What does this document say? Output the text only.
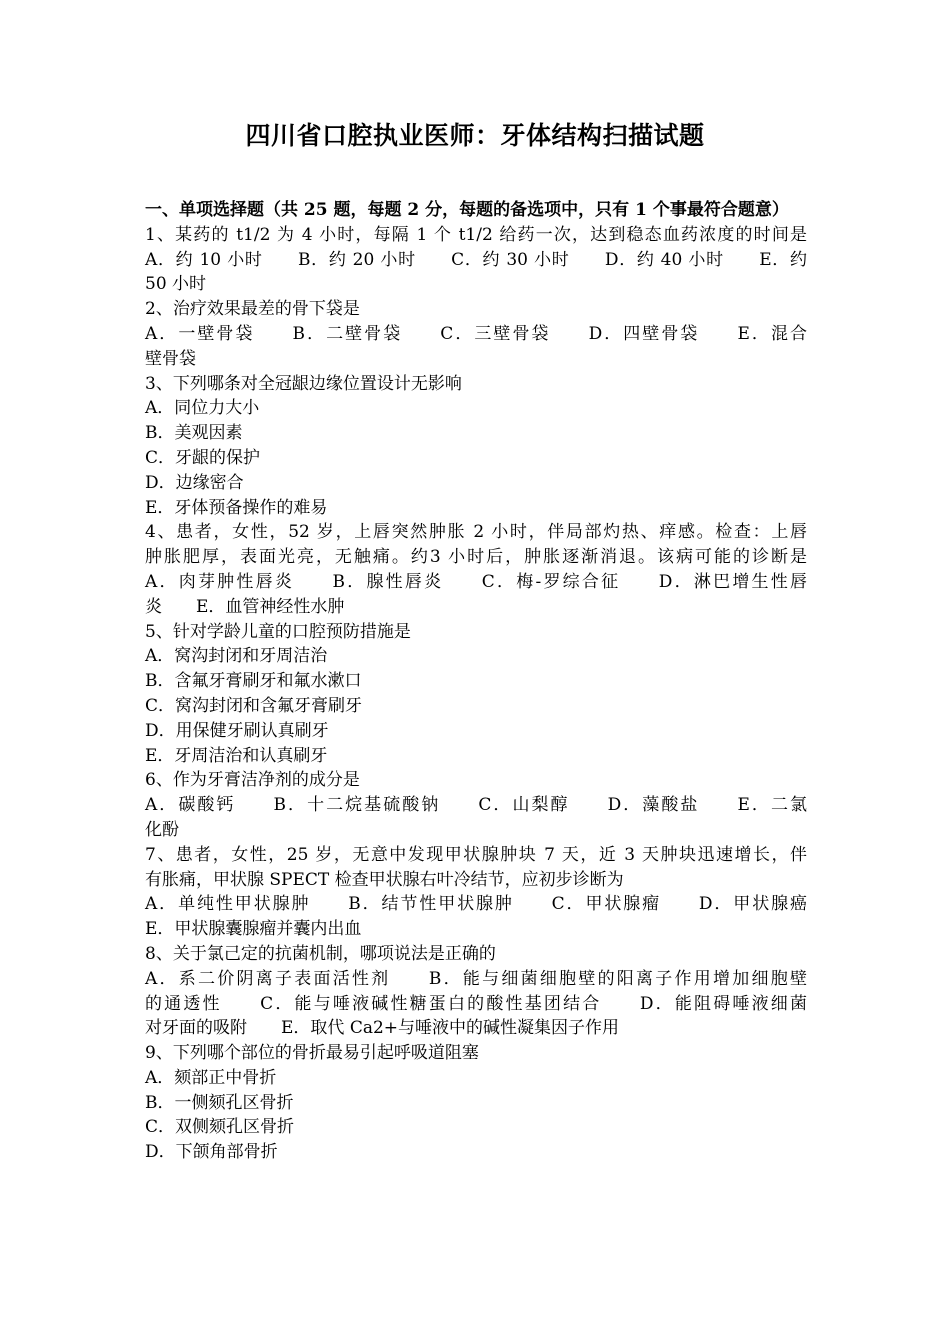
四川省口腔执业医师：牙体结构扫描试题
一、单项选择题（共 25 题，每题 2 分，每题的备选项中，只有 1 个事最符合题意）
1、某药的 t1/2 为 4 小时，每隔 1 个 t1/2 给药一次，达到稳态血药浓度的时间是
A．约 10 小时　　B．约 20 小时　　C．约 30 小时　　D．约 40 小时　　E．约
50 小时
2、治疗效果最差的骨下袋是
A．一壁骨袋　　B．二壁骨袋　　C．三壁骨袋　　D．四壁骨袋　　E．混合
壁骨袋
3、下列哪条对全冠龈边缘位置设计无影响
A．同位力大小
B．美观因素
C．牙龈的保护
D．边缘密合
E．牙体预备操作的难易
4、患者，女性，52 岁，上唇突然肿胀 2 小时，伴局部灼热、痒感。检查：上唇
肿胀肥厚，表面光亮，无触痛。约3 小时后，肿胀逐渐消退。该病可能的诊断是
A．肉芽肿性唇炎　　B．腺性唇炎　　C．梅-罗综合征　　D．淋巴增生性唇
炎　　E．血管神经性水肿
5、针对学龄儿童的口腔预防措施是
A．窝沟封闭和牙周洁治
B．含氟牙膏刷牙和氟水漱口
C．窝沟封闭和含氟牙膏刷牙
D．用保健牙刷认真刷牙
E．牙周洁治和认真刷牙
6、作为牙膏洁净剂的成分是
A．碳酸钙　　B．十二烷基硫酸钠　　C．山梨醇　　D．藻酸盐　　E．二氯
化酚
7、患者，女性，25 岁，无意中发现甲状腺肿块 7 天，近 3 天肿块迅速增长，伴
有胀痛，甲状腺 SPECT 检查甲状腺右叶冷结节，应初步诊断为
A．单纯性甲状腺肿　　B．结节性甲状腺肿　　C．甲状腺瘤　　D．甲状腺癌
E．甲状腺囊腺瘤并囊内出血
8、关于氯己定的抗菌机制，哪项说法是正确的
A．系二价阴离子表面活性剂　　B．能与细菌细胞壁的阳离子作用增加细胞壁
的通透性　　C．能与唾液碱性糖蛋白的酸性基团结合　　D．能阻碍唾液细菌
对牙面的吸附　　E．取代 Ca2+与唾液中的碱性凝集因子作用
9、下列哪个部位的骨折最易引起呼吸道阻塞
A．颏部正中骨折
B．一侧颏孔区骨折
C．双侧颏孔区骨折
D．下颌角部骨折
